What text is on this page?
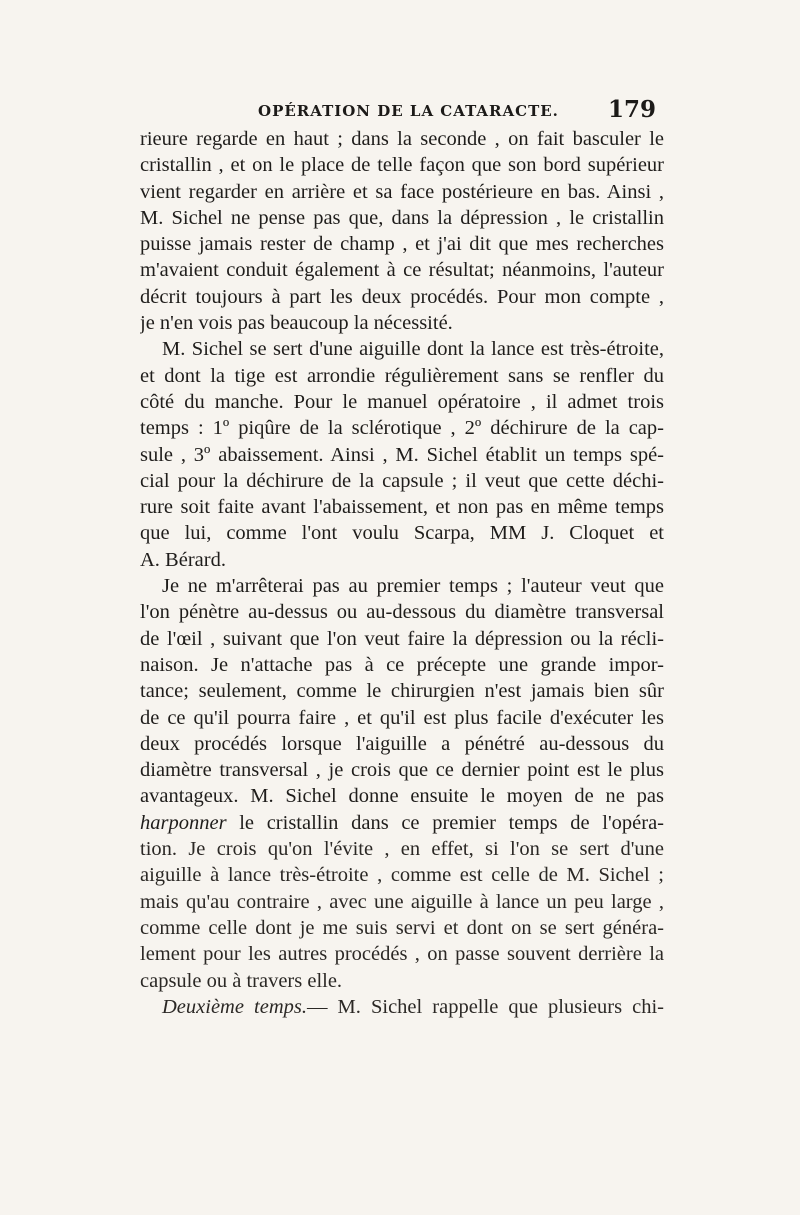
OPÉRATION DE LA CATARACTE. 179
rieure regarde en haut ; dans la seconde , on fait basculer le
cristallin , et on le place de telle façon que son bord supérieur
vient regarder en arrière et sa face postérieure en bas. Ainsi ,
M. Sichel ne pense pas que, dans la dépression , le cristallin
puisse jamais rester de champ , et j'ai dit que mes recherches
m'avaient conduit également à ce résultat; néanmoins, l'auteur
décrit toujours à part les deux procédés. Pour mon compte ,
je n'en vois pas beaucoup la nécessité.
M. Sichel se sert d'une aiguille dont la lance est très-étroite,
et dont la tige est arrondie régulièrement sans se renfler du
côté du manche. Pour le manuel opératoire , il admet trois
temps : 1º piqûre de la sclérotique , 2º déchirure de la cap-
sule , 3º abaissement. Ainsi , M. Sichel établit un temps spé-
cial pour la déchirure de la capsule ; il veut que cette déchi-
rure soit faite avant l'abaissement, et non pas en même temps
que lui, comme l'ont voulu Scarpa, MM J. Cloquet et
A. Bérard.
Je ne m'arrêterai pas au premier temps ; l'auteur veut que
l'on pénètre au-dessus ou au-dessous du diamètre transversal
de l'œil , suivant que l'on veut faire la dépression ou la récli-
naison. Je n'attache pas à ce précepte une grande impor-
tance; seulement, comme le chirurgien n'est jamais bien sûr
de ce qu'il pourra faire , et qu'il est plus facile d'exécuter les
deux procédés lorsque l'aiguille a pénétré au-dessous du
diamètre transversal , je crois que ce dernier point est le plus
avantageux. M. Sichel donne ensuite le moyen de ne pas
harponner le cristallin dans ce premier temps de l'opéra-
tion. Je crois qu'on l'évite , en effet, si l'on se sert d'une
aiguille à lance très-étroite , comme est celle de M. Sichel ;
mais qu'au contraire , avec une aiguille à lance un peu large ,
comme celle dont je me suis servi et dont on se sert généra-
lement pour les autres procédés , on passe souvent derrière la
capsule ou à travers elle.
Deuxième temps.— M. Sichel rappelle que plusieurs chi-
